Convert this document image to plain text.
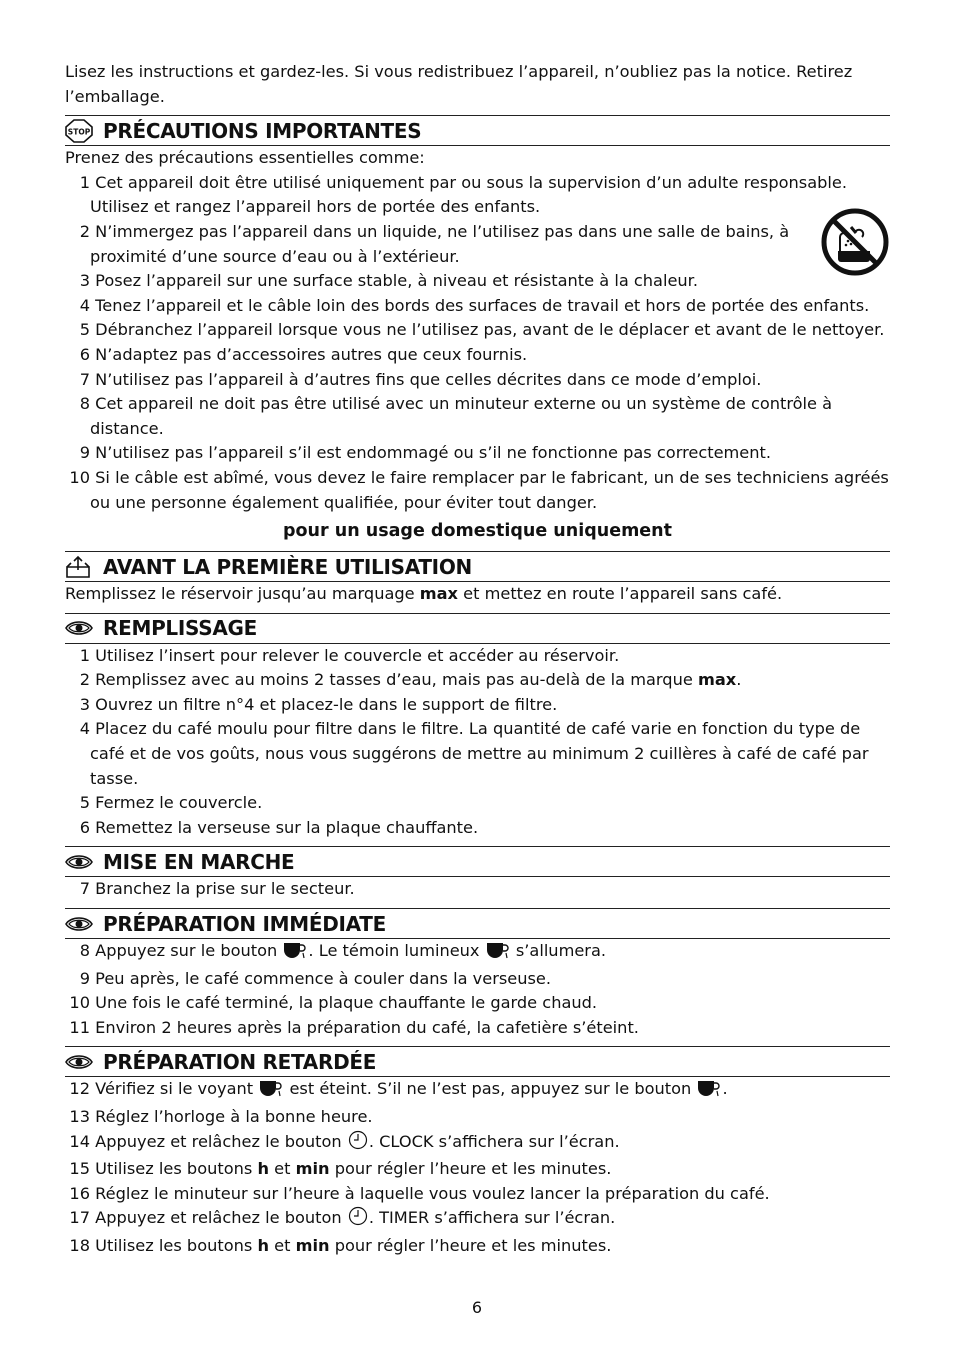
Lisez les instructions et gardez-les. Si vous redistribuez l’appareil, n’oubliez pas la notice. Retirez l’emballage.

STOP PRÉCAUTIONS IMPORTANTES

Prenez des précautions essentielles comme:

1 Cet appareil doit être utilisé uniquement par ou sous la supervision d’un adulte responsable. Utilisez et rangez l’appareil hors de portée des enfants.
2 N’immergez pas l’appareil dans un liquide, ne l’utilisez pas dans une salle de bains, à proximité d’une source d’eau ou à l’extérieur.
3 Posez l’appareil sur une surface stable, à niveau et résistante à la chaleur.
4 Tenez l’appareil et le câble loin des bords des surfaces de travail et hors de portée des enfants.
5 Débranchez l’appareil lorsque vous ne l’utilisez pas, avant de le déplacer et avant de le nettoyer.
6 N’adaptez pas d’accessoires autres que ceux fournis.
7 N’utilisez pas l’appareil à d’autres fins que celles décrites dans ce mode d’emploi.
8 Cet appareil ne doit pas être utilisé avec un minuteur externe ou un système de contrôle à distance.
9 N’utilisez pas l’appareil s’il est endommagé ou s’il ne fonctionne pas correctement.
10 Si le câble est abîmé, vous devez le faire remplacer par le fabricant, un de ses techniciens agréés ou une personne également qualifiée, pour éviter tout danger.

pour un usage domestique uniquement

AVANT LA PREMIÈRE UTILISATION

Remplissez le réservoir jusqu’au marquage max et mettez en route l’appareil sans café.

REMPLISSAGE
1 Utilisez l’insert pour relever le couvercle et accéder au réservoir.
2 Remplissez avec au moins 2 tasses d’eau, mais pas au-delà de la marque max.
3 Ouvrez un filtre n°4 et placez-le dans le support de filtre.
4 Placez du café moulu pour filtre dans le filtre. La quantité de café varie en fonction du type de café et de vos goûts, nous vous suggérons de mettre au minimum 2 cuillères à café de café par tasse.
5 Fermez le couvercle.
6 Remettez la verseuse sur la plaque chauffante.
MISE EN MARCHE
7 Branchez la prise sur le secteur.
PRÉPARATION IMMÉDIATE
8 Appuyez sur le bouton . Le témoin lumineux  s’allumera.
9 Peu après, le café commence à couler dans la verseuse.
10 Une fois le café terminé, la plaque chauffante le garde chaud.
11 Environ 2 heures après la préparation du café, la cafetière s’éteint.
PRÉPARATION RETARDÉE
12 Vérifiez si le voyant  est éteint. S’il ne l’est pas, appuyez sur le bouton .
13 Réglez l’horloge à la bonne heure.
14 Appuyez et relâchez le bouton . CLOCK s’affichera sur l’écran.
15 Utilisez les boutons h et min pour régler l’heure et les minutes.
16 Réglez le minuteur sur l’heure à laquelle vous voulez lancer la préparation du café.
17 Appuyez et relâchez le bouton . TIMER s’affichera sur l’écran.
18 Utilisez les boutons h et min pour régler l’heure et les minutes.
6
